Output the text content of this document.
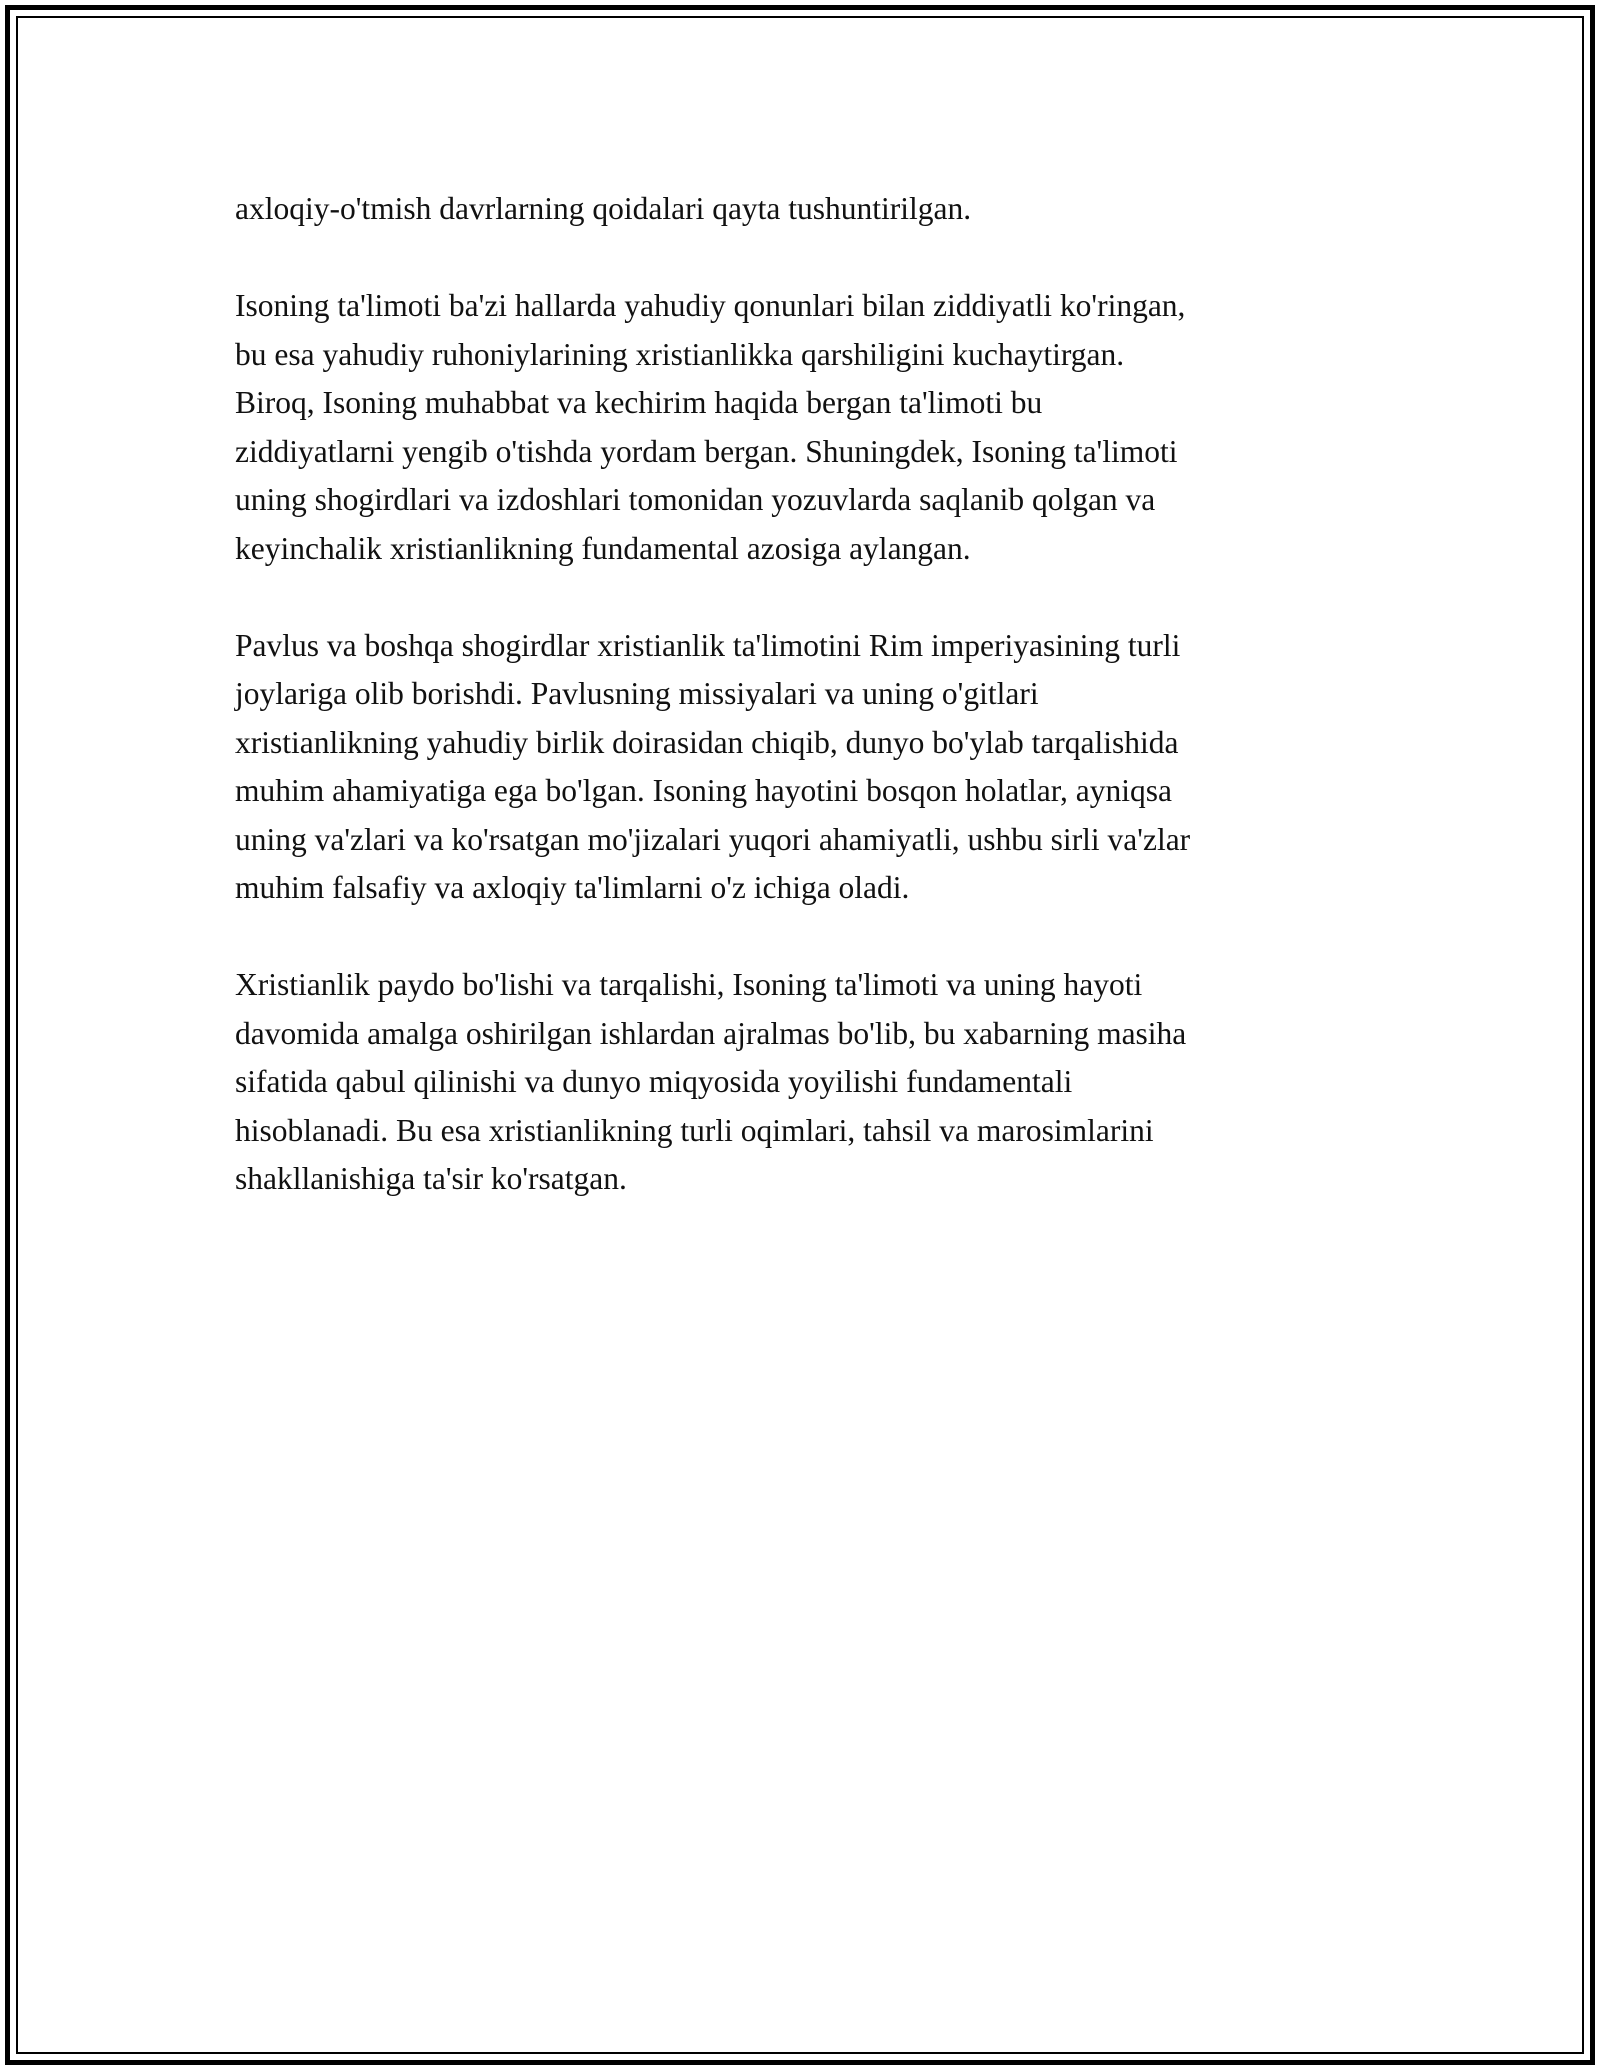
axloqiy-o'tmish davrlarning qoidalari qayta tushuntirilgan.

Isoning ta'limoti ba'zi hallarda yahudiy qonunlari bilan ziddiyatli ko'ringan,
bu esa yahudiy ruhoniylarining xristianlikka qarshiligini kuchaytirgan.
Biroq, Isoning muhabbat va kechirim haqida bergan ta'limoti bu
ziddiyatlarni yengib o'tishda yordam bergan. Shuningdek, Isoning ta'limoti
uning shogirdlari va izdoshlari tomonidan yozuvlarda saqlanib qolgan va
keyinchalik xristianlikning fundamental azosiga aylangan.

Pavlus va boshqa shogirdlar xristianlik ta'limotini Rim imperiyasining turli
joylariga olib borishdi. Pavlusning missiyalari va uning o'gitlari
xristianlikning yahudiy birlik doirasidan chiqib, dunyo bo'ylab tarqalishida
muhim ahamiyatiga ega bo'lgan. Isoning hayotini bosqon holatlar, ayniqsa
uning va'zlari va ko'rsatgan mo'jizalari yuqori ahamiyatli, ushbu sirli va'zlar
muhim falsafiy va axloqiy ta'limlarni o'z ichiga oladi.

Xristianlik paydo bo'lishi va tarqalishi, Isoning ta'limoti va uning hayoti
davomida amalga oshirilgan ishlardan ajralmas bo'lib, bu xabarning masiha
sifatida qabul qilinishi va dunyo miqyosida yoyilishi fundamentali
hisoblanadi. Bu esa xristianlikning turli oqimlari, tahsil va marosimlarini
shakllanishiga ta'sir ko'rsatgan.
